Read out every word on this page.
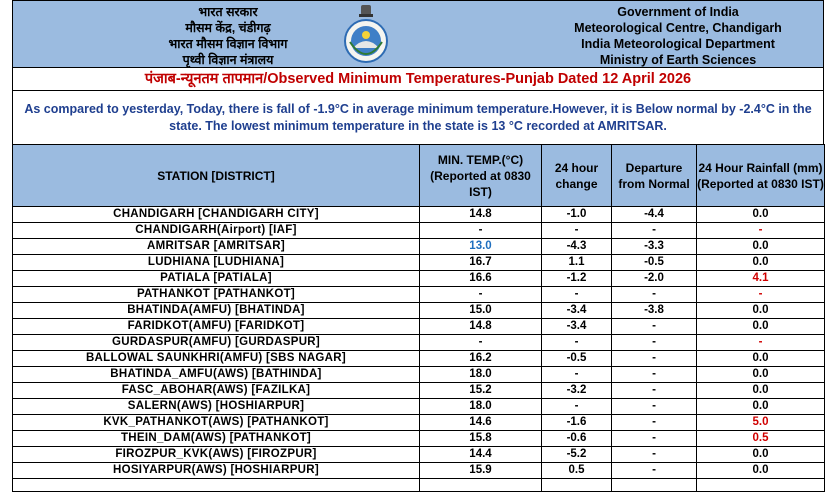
भारत सरकार
मौसम केंद्र, चंडीगढ़
भारत मौसम विज्ञान विभाग
पृथ्वी विज्ञान मंत्रालय
Government of India
Meteorological Centre, Chandigarh
India Meteorological Department
Ministry of Earth Sciences
पंजाब-न्यूनतम तापमान/Observed Minimum Temperatures-Punjab Dated 12 April 2026
As compared to yesterday, Today, there is fall of -1.9°C in average minimum temperature.However, it is Below normal by -2.4°C in the state. The lowest minimum temperature in the state is 13 °C recorded at AMRITSAR.
STATION [DISTRICT]	MIN. TEMP.(°C) (Reported at 0830 IST)	24 hour change	Departure from Normal	24 Hour Rainfall (mm) (Reported at 0830 IST)
CHANDIGARH [CHANDIGARH CITY]	14.8	-1.0	-4.4	0.0
CHANDIGARH(Airport) [IAF]	-	-	-	-
AMRITSAR [AMRITSAR]	13.0	-4.3	-3.3	0.0
LUDHIANA [LUDHIANA]	16.7	1.1	-0.5	0.0
PATIALA [PATIALA]	16.6	-1.2	-2.0	4.1
PATHANKOT [PATHANKOT]	-	-	-	-
BHATINDA(AMFU) [BHATINDA]	15.0	-3.4	-3.8	0.0
FARIDKOT(AMFU) [FARIDKOT]	14.8	-3.4	-	0.0
GURDASPUR(AMFU) [GURDASPUR]	-	-	-	-
BALLOWAL SAUNKHRI(AMFU) [SBS NAGAR]	16.2	-0.5	-	0.0
BHATINDA_AMFU(AWS) [BATHINDA]	18.0	-	-	0.0
FASC_ABOHAR(AWS) [FAZILKA]	15.2	-3.2	-	0.0
SALERN(AWS) [HOSHIARPUR]	18.0	-	-	0.0
KVK_PATHANKOT(AWS) [PATHANKOT]	14.6	-1.6	-	5.0
THEIN_DAM(AWS) [PATHANKOT]	15.8	-0.6	-	0.5
FIROZPUR_KVK(AWS) [FIROZPUR]	14.4	-5.2	-	0.0
HOSIYARPUR(AWS) [HOSHIARPUR]	15.9	0.5	-	0.0
